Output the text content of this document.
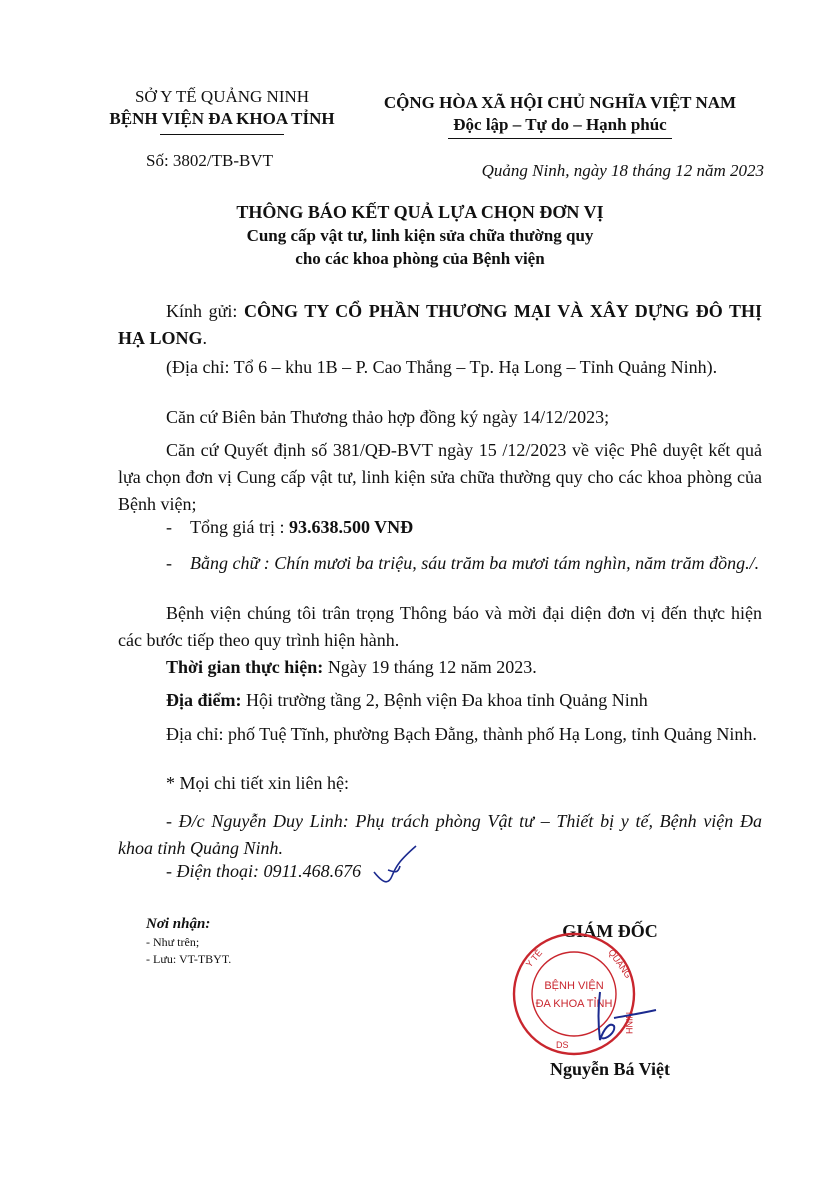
SỞ Y TẾ QUẢNG NINH
BỆNH VIỆN ĐA KHOA TỈNH
Số: 3802/TB-BVT
CỘNG HÒA XÃ HỘI CHỦ NGHĨA VIỆT NAM
Độc lập – Tự do – Hạnh phúc
Quảng Ninh, ngày 18 tháng 12 năm 2023
THÔNG BÁO KẾT QUẢ LỰA CHỌN ĐƠN VỊ
Cung cấp vật tư, linh kiện sửa chữa thường quy
cho các khoa phòng của Bệnh viện
Kính gửi: CÔNG TY CỔ PHẦN THƯƠNG MẠI VÀ XÂY DỰNG ĐÔ THỊ HẠ LONG.
(Địa chỉ: Tổ 6 – khu 1B – P. Cao Thắng – Tp. Hạ Long – Tỉnh Quảng Ninh).
Căn cứ Biên bản Thương thảo hợp đồng ký ngày 14/12/2023;
Căn cứ Quyết định số 381/QĐ-BVT ngày 15 /12/2023 về việc Phê duyệt kết quả lựa chọn đơn vị Cung cấp vật tư, linh kiện sửa chữa thường quy cho các khoa phòng của Bệnh viện;
- Tổng giá trị : 93.638.500 VNĐ
-	Bằng chữ : Chín mươi ba triệu, sáu trăm ba mươi tám nghìn, năm trăm đồng./.
Bệnh viện chúng tôi trân trọng Thông báo và mời đại diện đơn vị đến thực hiện các bước tiếp theo quy trình hiện hành.
Thời gian thực hiện: Ngày 19 tháng 12 năm 2023.
Địa điểm: Hội trường tầng 2, Bệnh viện Đa khoa tỉnh Quảng Ninh
Địa chỉ: phố Tuệ Tĩnh, phường Bạch Đằng, thành phố Hạ Long, tỉnh Quảng Ninh.
* Mọi chi tiết xin liên hệ:
- Đ/c Nguyễn Duy Linh: Phụ trách phòng Vật tư – Thiết bị y tế, Bệnh viện Đa khoa tỉnh Quảng Ninh.
- Điện thoại: 0911.468.676
Nơi nhận:
- Như trên;
- Lưu: VT-TBYT.
GIÁM ĐỐC
Y TẾ	QUẢNG
NINH
DS
BỆNH VIỆN
ĐA KHOA TỈNH
Nguyễn Bá Việt
